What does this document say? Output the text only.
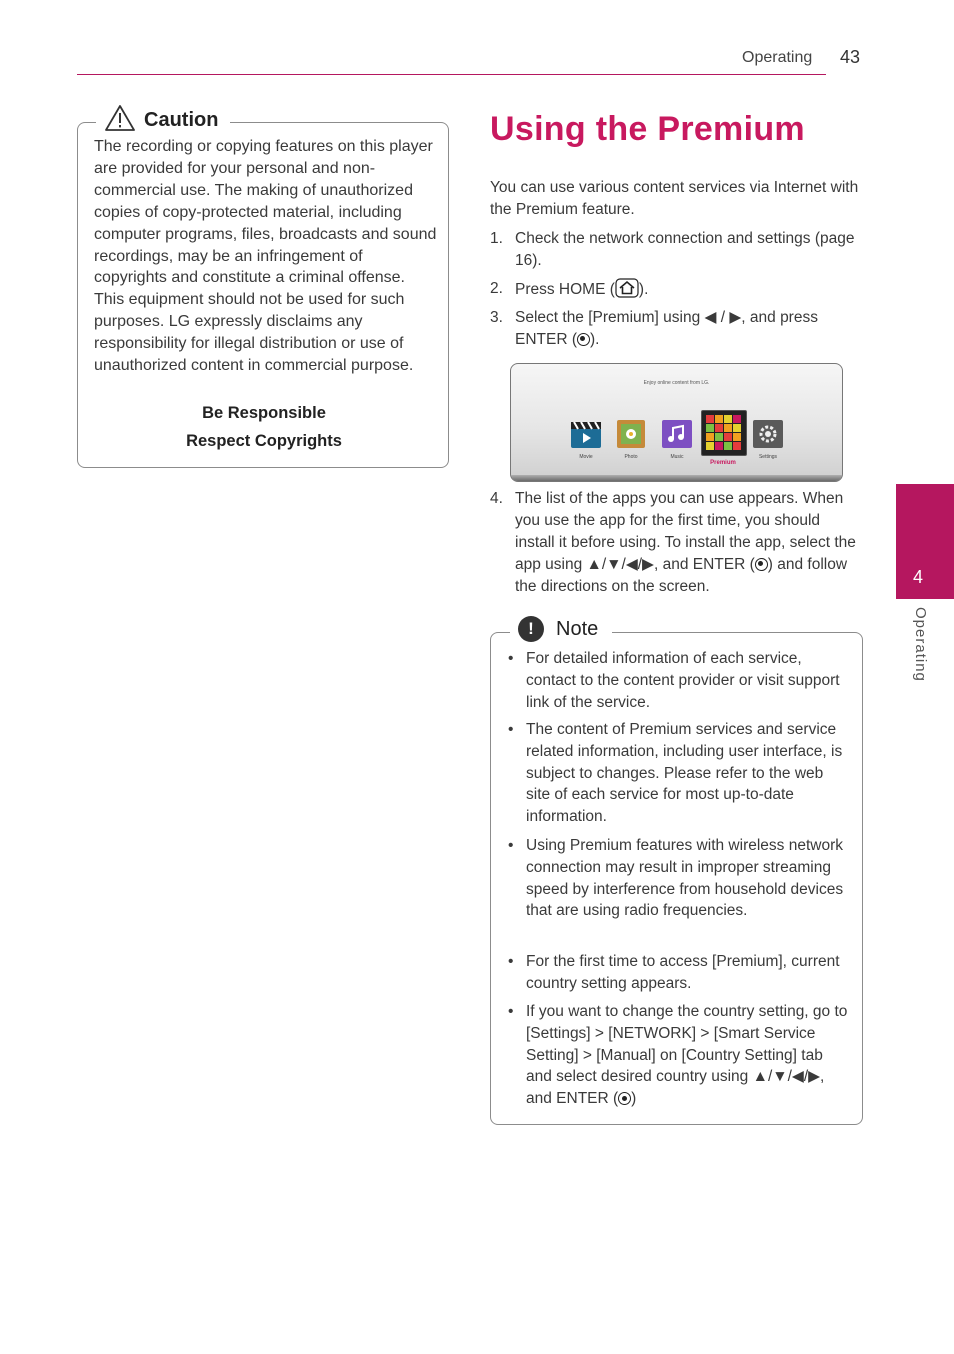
Operating 43
Caution
The recording or copying features on this player are provided for your personal and non-commercial use. The making of unauthorized copies of copy-protected material, including computer programs, files, broadcasts and sound recordings, may be an infringement of copyrights and constitute a criminal offense. This equipment should not be used for such purposes. LG expressly disclaims any responsibility for illegal distribution or use of unauthorized content in commercial purpose.
Be Responsible
Respect Copyrights
Using the Premium
You can use various content services via Internet with the Premium feature.
1. Check the network connection and settings (page 16).
2. Press HOME ( ).
3. Select the [Premium] using ◀ / ▶, and press ENTER ( ).
Enjoy online content from LG.
Movie	Photo	Music
Premium
Settings
4. The list of the apps you can use appears. When you use the app for the first time, you should install it before using. To install the app, select the app using ▲/▼/◀/▶, and ENTER ( ) and follow the directions on the screen.
!	Note
• For detailed information of each service, contact to the content provider or visit support link of the service.
• The content of Premium services and service related information, including user interface, is subject to changes. Please refer to the web site of each service for most up-to-date information.
• Using Premium features with wireless network connection may result in improper streaming speed by interference from household devices that are using radio frequencies.
• For the first time to access [Premium], current country setting appears.
• If you want to change the country setting, go to [Settings] > [NETWORK] > [Smart Service Setting] > [Manual] on [Country Setting] tab and select desired country using ▲/▼/◀/▶, and ENTER ( )
4
Operating
